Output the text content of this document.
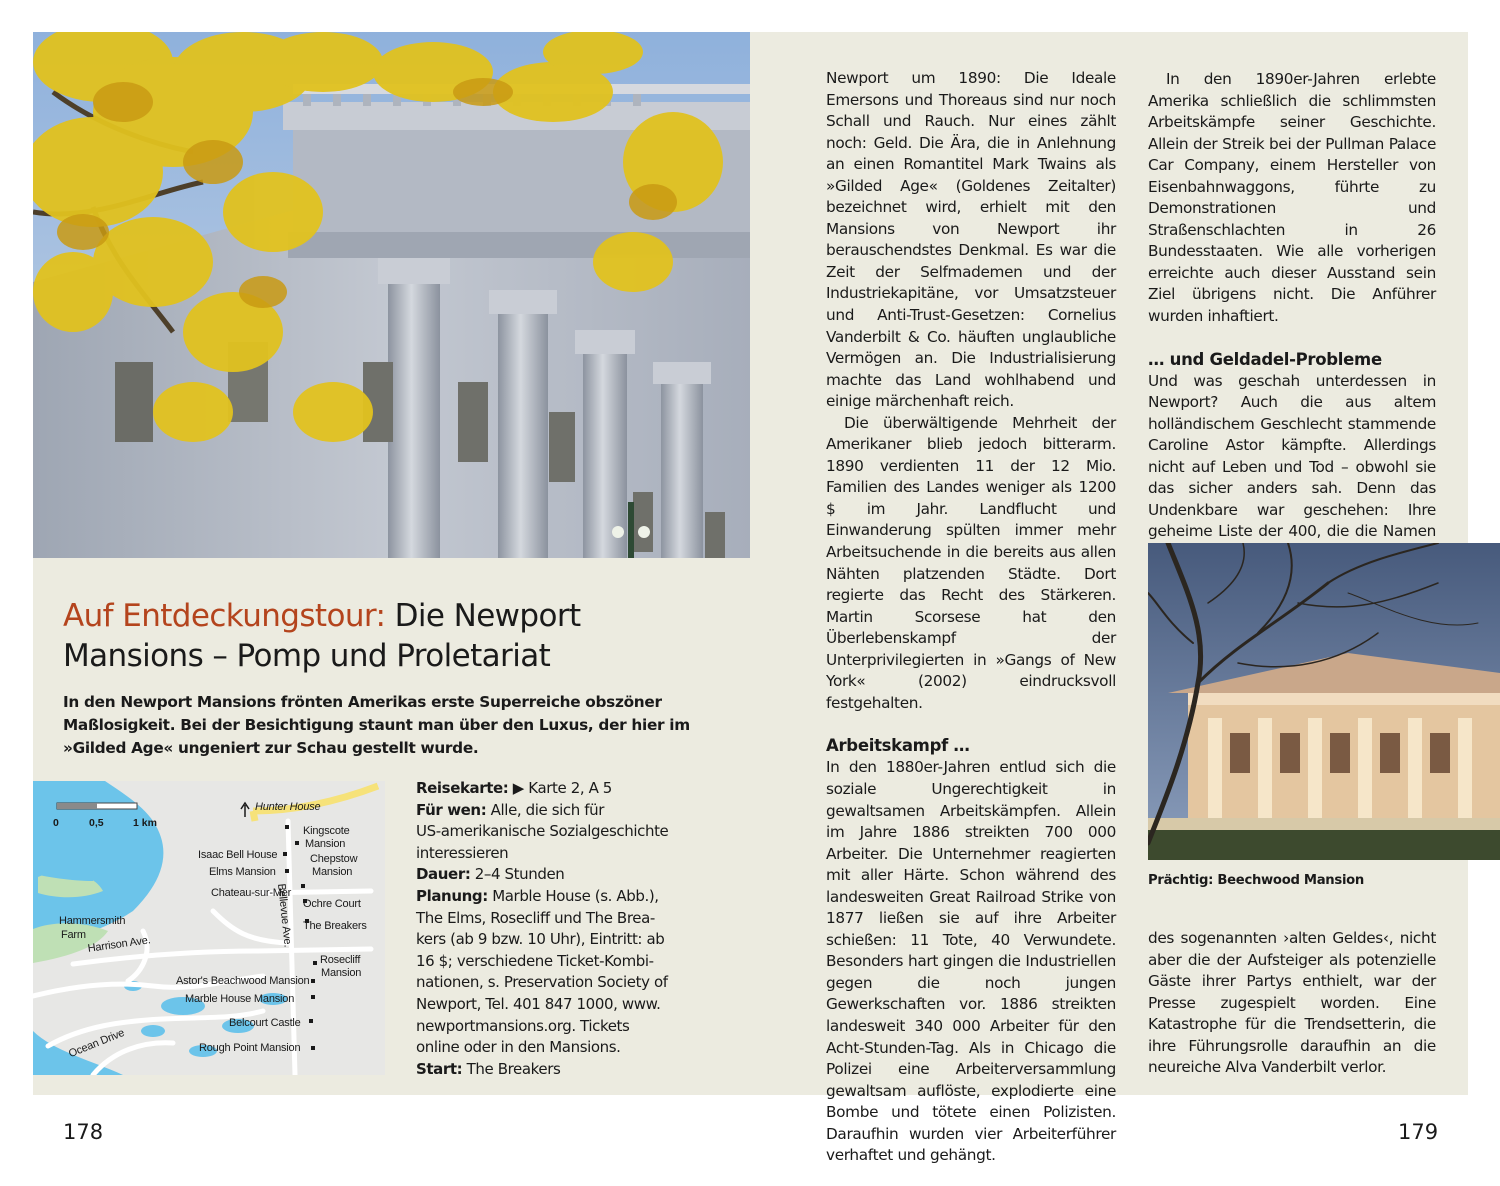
Auf Entdeckungstour: Die Newport
Mansions – Pomp und Proletariat
In den Newport Mansions frönten Amerikas erste Superreiche obszöner Maßlosigkeit. Bei der Besichtigung staunt man über den Luxus, der hier im »Gilded Age« ungeniert zur Schau gestellt wurde.
0	0,5	1 km
Hunter House
Kingscote
Mansion
Isaac Bell House	Chepstow
Mansion
Elms Mansion
Chateau-sur-Mer
Ochre Court
Bellevue Ave.
Hammersmith
Farm
The Breakers
Harrison Ave.
Rosecliff
Mansion
Astor's Beachwood Mansion
Marble House Mansion
Belcourt Castle
Rough Point Mansion
Ocean Drive

Reisekarte: ▶ Karte 2, A 5

Für wen: Alle, die sich für

US-amerikanische Sozialgeschichte

interessieren

Dauer: 2–4 Stunden

Planung: Marble House (s. Abb.),

The Elms, Rosecliff und The Brea-

kers (ab 9 bzw. 10 Uhr), Eintritt: ab

16 $; verschiedene Ticket-Kombi-

nationen, s. Preservation Society of

Newport, Tel. 401 847 1000, www.

newportmansions.org. Tickets

online oder in den Mansions.

Start: The Breakers

Newport um 1890: Die Ideale Emersons und Thoreaus sind nur noch Schall und Rauch. Nur eines zählt noch: Geld. Die Ära, die in Anlehnung an einen Romantitel Mark Twains als »Gilded Age« (Goldenes Zeitalter) bezeichnet wird, erhielt mit den Mansions von Newport ihr berauschendstes Denkmal. Es war die Zeit der Selfmademen und der Industriekapitäne, vor Umsatzsteuer und Anti-Trust-Gesetzen: Cornelius Vanderbilt & Co. häuften unglaubliche Vermögen an. Die Industrialisierung machte das Land wohlhabend und einige märchenhaft reich.

Die überwältigende Mehrheit der Amerikaner blieb jedoch bitterarm. 1890 verdienten 11 der 12 Mio. Familien des Landes weniger als 1200 $ im Jahr. Landflucht und Einwanderung spülten immer mehr Arbeitsuchende in die bereits aus allen Nähten platzenden Städte. Dort regierte das Recht des Stärkeren. Martin Scorsese hat den Überlebenskampf der Unterprivilegierten in »Gangs of New York« (2002) eindrucksvoll festgehalten.

Arbeitskampf …

In den 1880er-Jahren entlud sich die soziale Ungerechtigkeit in gewaltsamen Arbeitskämpfen. Allein im Jahre 1886 streikten 700 000 Arbeiter. Die Unternehmer reagierten mit aller Härte. Schon während des landesweiten Great Railroad Strike von 1877 ließen sie auf ihre Arbeiter schießen: 11 Tote, 40 Verwundete. Besonders hart gingen die Industriellen gegen die noch jungen Gewerkschaften vor. 1886 streikten landesweit 340 000 Arbeiter für den Acht-Stunden-Tag. Als in Chicago die Polizei eine Arbeiterversammlung gewaltsam auflöste, explodierte eine Bombe und tötete einen Polizisten. Daraufhin wurden vier Arbeiterführer verhaftet und gehängt.

In den 1890er-Jahren erlebte Amerika schließlich die schlimmsten Arbeitskämpfe seiner Geschichte. Allein der Streik bei der Pullman Palace Car Company, einem Hersteller von Eisenbahnwaggons, führte zu Demonstrationen und Straßenschlachten in 26 Bundesstaaten. Wie alle vorherigen erreichte auch dieser Ausstand sein Ziel übrigens nicht. Die Anführer wurden inhaftiert.

… und Geldadel-Probleme

Und was geschah unterdessen in Newport? Auch die aus altem holländischem Geschlecht stammende Caroline Astor kämpfte. Allerdings nicht auf Leben und Tod – obwohl sie das sicher anders sah. Denn das Undenkbare war geschehen: Ihre geheime Liste der 400, die die Namen

Prächtig: Beechwood Mansion

des sogenannten ›alten Geldes‹, nicht aber die der Aufsteiger als potenzielle Gäste ihrer Partys enthielt, war der Presse zugespielt worden. Eine Katastrophe für die Trendsetterin, die ihre Führungsrolle daraufhin an die neureiche Alva Vanderbilt verlor.

178	179
